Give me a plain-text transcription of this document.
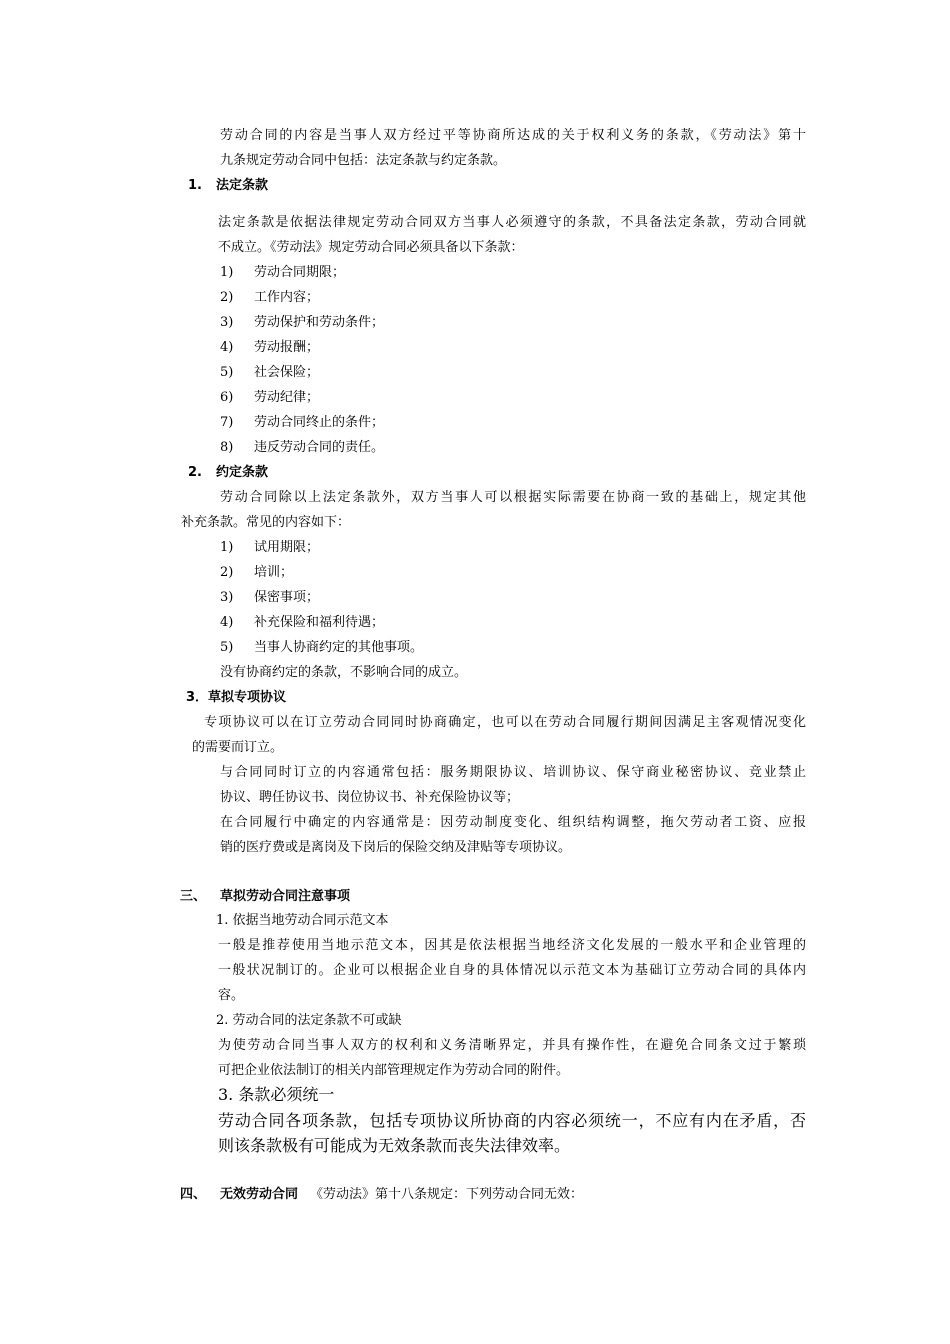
劳动合同的内容是当事人双方经过平等协商所达成的关于权利义务的条款，《劳动法》第十
九条规定劳动合同中包括：法定条款与约定条款。
1. 法定条款
法定条款是依据法律规定劳动合同双方当事人必须遵守的条款，不具备法定条款，劳动合同就
不成立。《劳动法》规定劳动合同必须具备以下条款：
1) 劳动合同期限；
2) 工作内容；
3) 劳动保护和劳动条件；
4) 劳动报酬；
5) 社会保险；
6) 劳动纪律；
7) 劳动合同终止的条件；
8) 违反劳动合同的责任。
2. 约定条款
劳动合同除以上法定条款外，双方当事人可以根据实际需要在协商一致的基础上，规定其他
补充条款。常见的内容如下：
1) 试用期限；
2) 培训；
3) 保密事项；
4) 补充保险和福利待遇；
5) 当事人协商约定的其他事项。
没有协商约定的条款，不影响合同的成立。
3．草拟专项协议
专项协议可以在订立劳动合同同时协商确定，也可以在劳动合同履行期间因满足主客观情况变化
的需要而订立。
与合同同时订立的内容通常包括：服务期限协议、培训协议、保守商业秘密协议、竞业禁止
协议、聘任协议书、岗位协议书、补充保险协议等；
在合同履行中确定的内容通常是：因劳动制度变化、组织结构调整，拖欠劳动者工资、应报
销的医疗费或是离岗及下岗后的保险交纳及津贴等专项协议。
三、 草拟劳动合同注意事项
1. 依据当地劳动合同示范文本
一般是推荐使用当地示范文本，因其是依法根据当地经济文化发展的一般水平和企业管理的
一般状况制订的。企业可以根据企业自身的具体情况以示范文本为基础订立劳动合同的具体内
容。
2. 劳动合同的法定条款不可或缺
为使劳动合同当事人双方的权利和义务清晰界定，并具有操作性，在避免合同条文过于繁琐
可把企业依法制订的相关内部管理规定作为劳动合同的附件。
3. 条款必须统一
劳动合同各项条款，包括专项协议所协商的内容必须统一，不应有内在矛盾，否
则该条款极有可能成为无效条款而丧失法律效率。
四、 无效劳动合同 《劳动法》第十八条规定：下列劳动合同无效：
